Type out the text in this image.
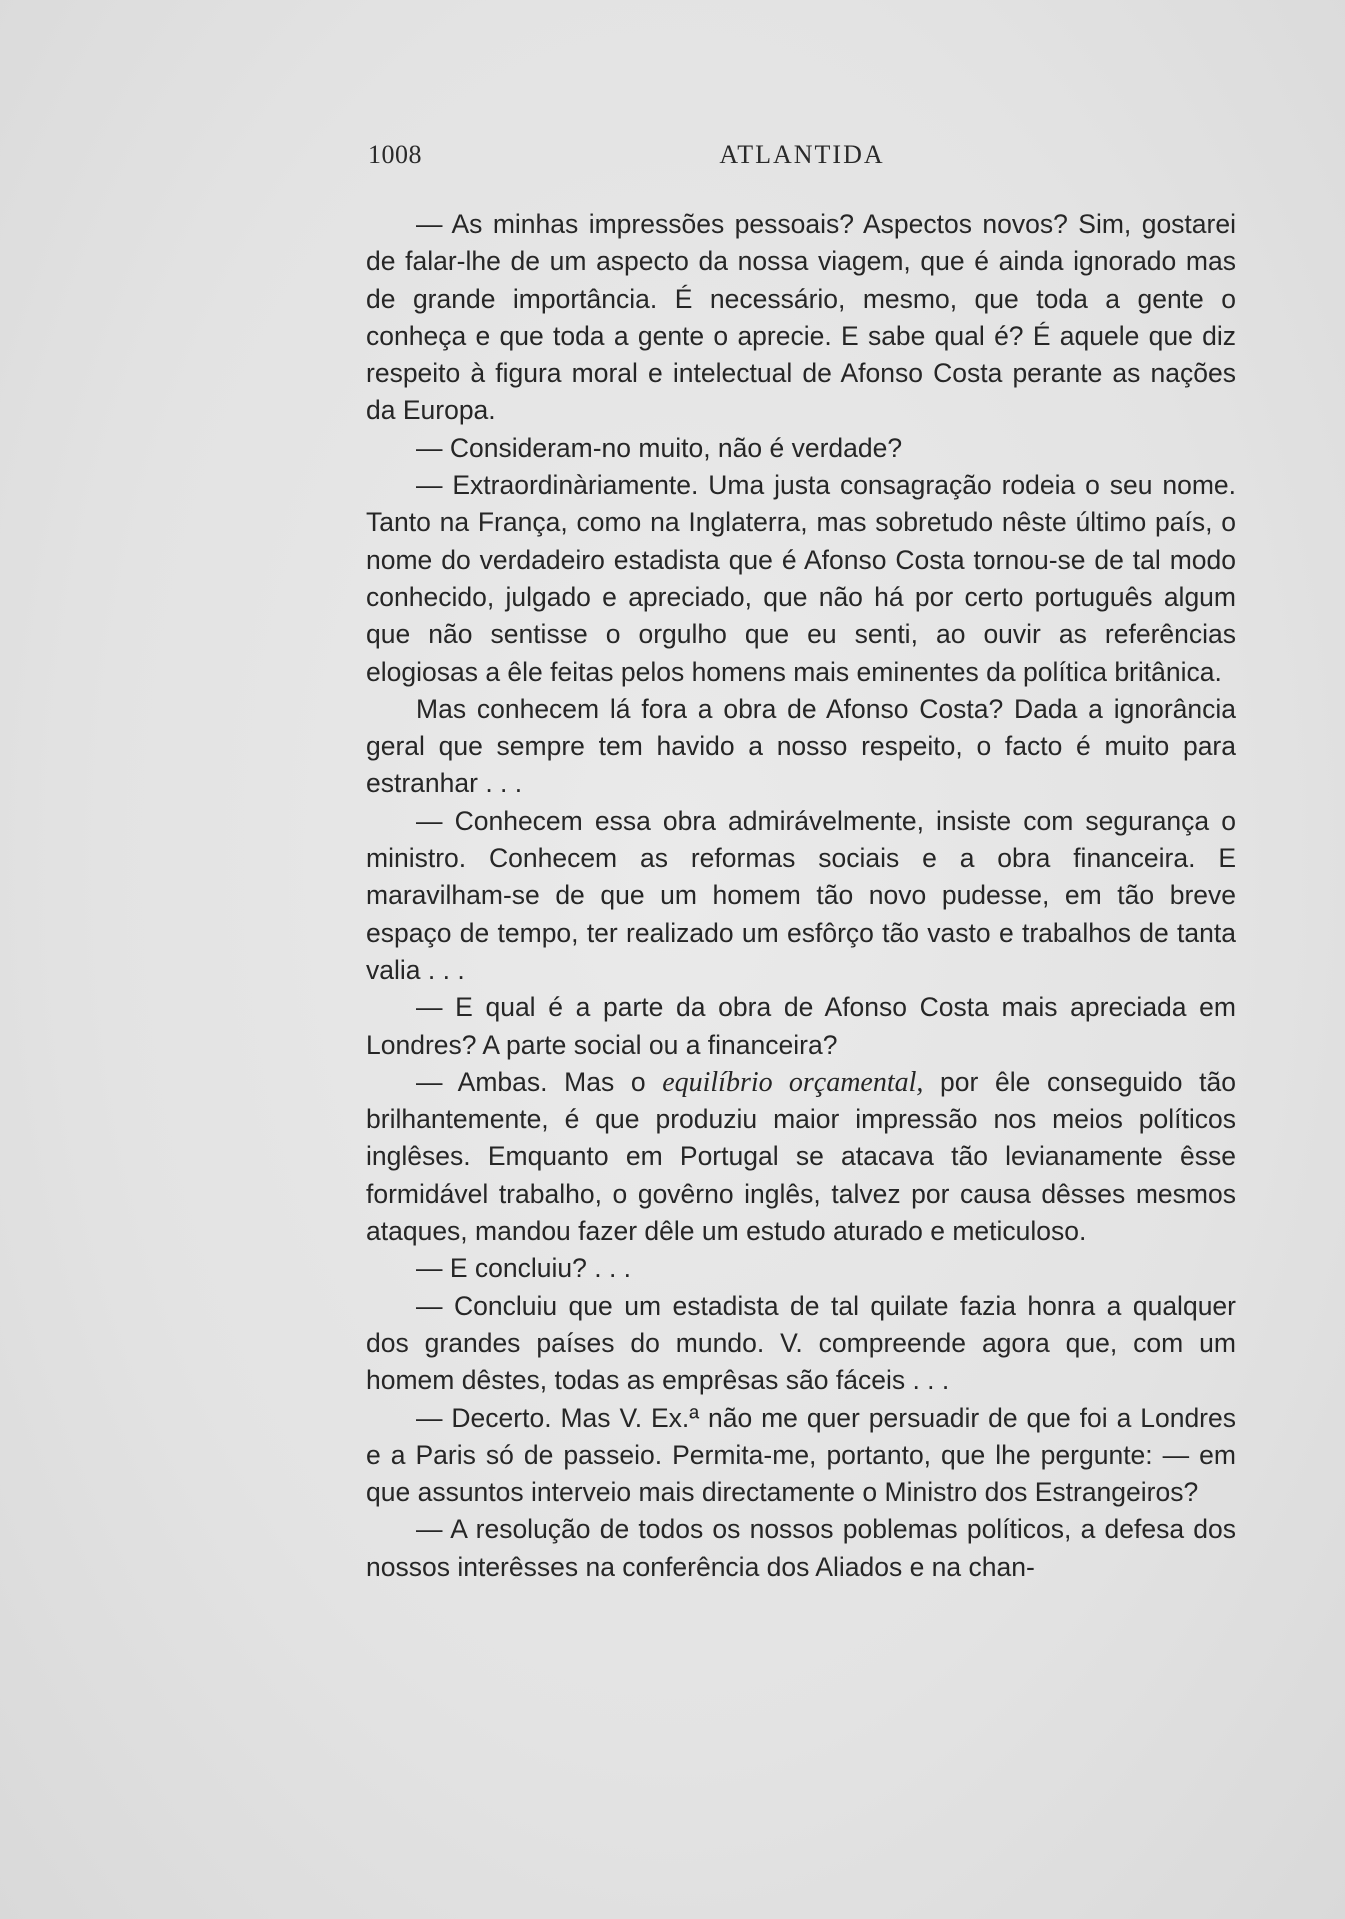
1008	ATLANTIDA

— As minhas impressões pessoais? Aspectos novos? Sim, gostarei de falar-lhe de um aspecto da nossa viagem, que é ainda ignorado mas de grande importância. É necessário, mesmo, que toda a gente o conheça e que toda a gente o aprecie. E sabe qual é? É aquele que diz respeito à figura moral e intelectual de Afonso Costa perante as nações da Europa.

— Consideram-no muito, não é verdade?

— Extraordinàriamente. Uma justa consagração rodeia o seu nome. Tanto na França, como na Inglaterra, mas sobretudo nêste último país, o nome do verdadeiro estadista que é Afonso Costa tornou-se de tal modo conhecido, julgado e apreciado, que não há por certo português algum que não sentisse o orgulho que eu senti, ao ouvir as referências elogiosas a êle feitas pelos homens mais eminentes da política britânica.

Mas conhecem lá fora a obra de Afonso Costa? Dada a ignorância geral que sempre tem havido a nosso respeito, o facto é muito para estranhar . . .

— Conhecem essa obra admirávelmente, insiste com segurança o ministro. Conhecem as reformas sociais e a obra financeira. E maravilham-se de que um homem tão novo pudesse, em tão breve espaço de tempo, ter realizado um esfôrço tão vasto e trabalhos de tanta valia . . .

— E qual é a parte da obra de Afonso Costa mais apreciada em Londres? A parte social ou a financeira?

— Ambas. Mas o equilíbrio orçamental, por êle conseguido tão brilhantemente, é que produziu maior impressão nos meios políticos inglêses. Emquanto em Portugal se atacava tão levianamente êsse formidável trabalho, o govêrno inglês, talvez por causa dêsses mesmos ataques, mandou fazer dêle um estudo aturado e meticuloso.

— E concluiu? . . .

— Concluiu que um estadista de tal quilate fazia honra a qualquer dos grandes países do mundo. V. compreende agora que, com um homem dêstes, todas as emprêsas são fáceis . . .

— Decerto. Mas V. Ex.ª não me quer persuadir de que foi a Londres e a Paris só de passeio. Permita-me, portanto, que lhe pergunte: — em que assuntos interveio mais directamente o Ministro dos Estrangeiros?

— A resolução de todos os nossos poblemas políticos, a defesa dos nossos interêsses na conferência dos Aliados e na chan-
